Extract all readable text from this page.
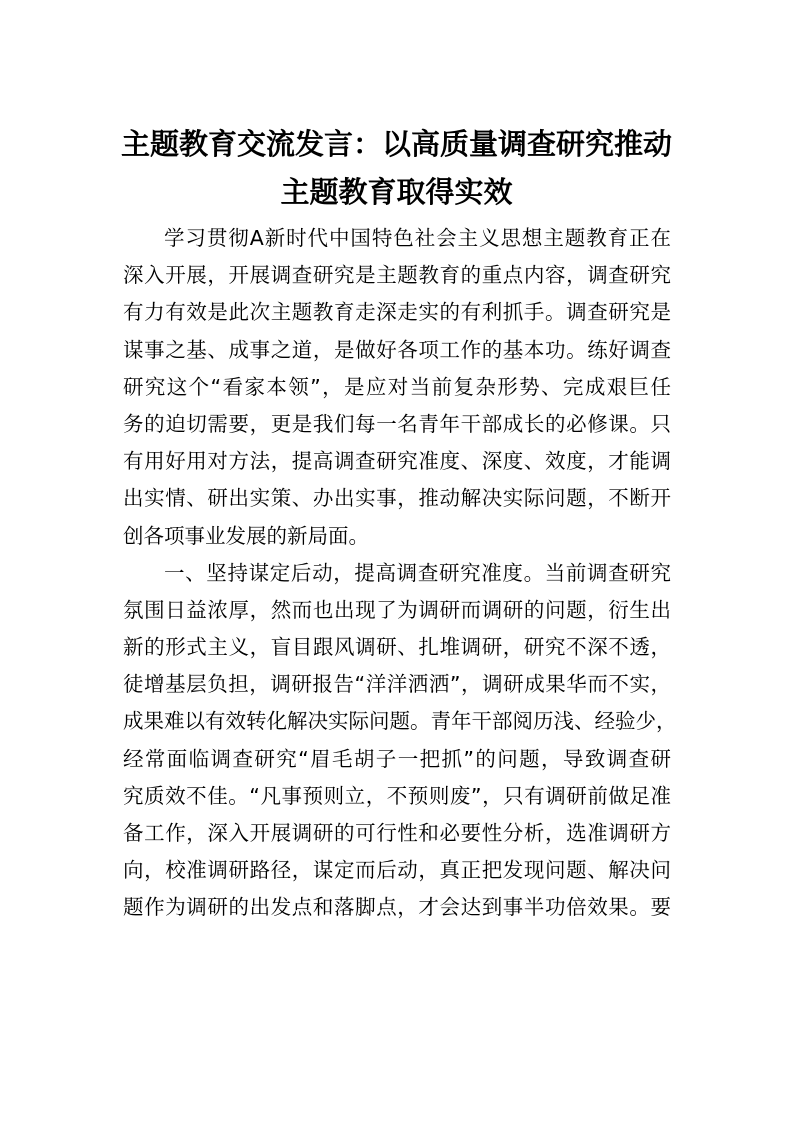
主题教育交流发言：以高质量调查研究推动
主题教育取得实效
学习贯彻A新时代中国特色社会主义思想主题教育正在
深入开展，开展调查研究是主题教育的重点内容，调查研究
有力有效是此次主题教育走深走实的有利抓手。调查研究是
谋事之基、成事之道，是做好各项工作的基本功。练好调查
研究这个“看家本领”，是应对当前复杂形势、完成艰巨任
务的迫切需要，更是我们每一名青年干部成长的必修课。只
有用好用对方法，提高调查研究准度、深度、效度，才能调
出实情、研出实策、办出实事，推动解决实际问题，不断开
创各项事业发展的新局面。
一、坚持谋定后动，提高调查研究准度。当前调查研究
氛围日益浓厚，然而也出现了为调研而调研的问题，衍生出
新的形式主义，盲目跟风调研、扎堆调研，研究不深不透，
徒增基层负担，调研报告“洋洋洒洒”，调研成果华而不实，
成果难以有效转化解决实际问题。青年干部阅历浅、经验少，
经常面临调查研究“眉毛胡子一把抓”的问题，导致调查研
究质效不佳。“凡事预则立，不预则废”，只有调研前做足准
备工作，深入开展调研的可行性和必要性分析，选准调研方
向，校准调研路径，谋定而后动，真正把发现问题、解决问
题作为调研的出发点和落脚点，才会达到事半功倍效果。要
